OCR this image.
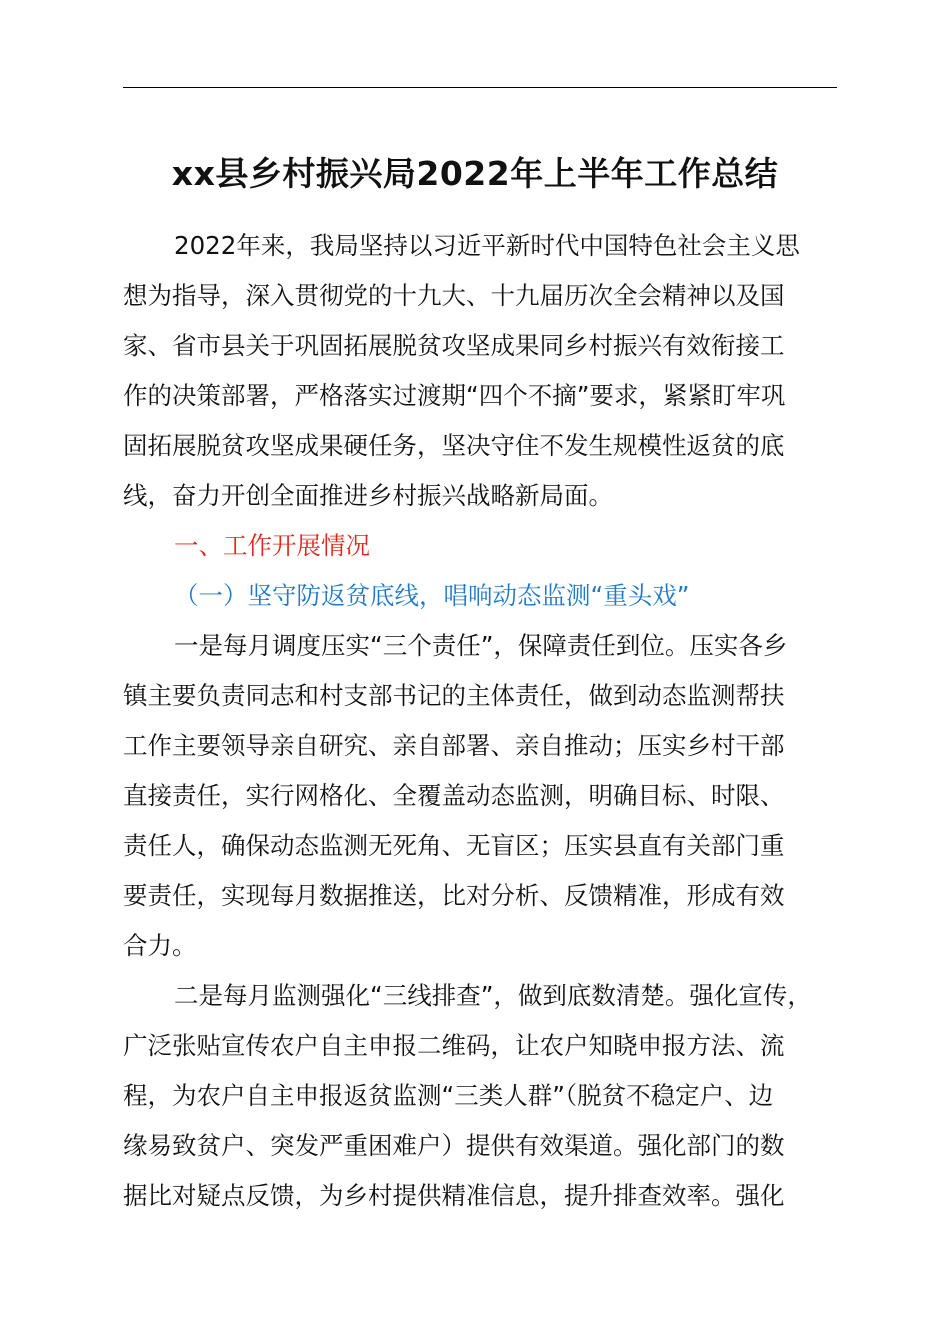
xx县乡村振兴局2022年上半年工作总结
2022年来，我局坚持以习近平新时代中国特色社会主义思
想为指导，深入贯彻党的十九大、十九届历次全会精神以及国
家、省市县关于巩固拓展脱贫攻坚成果同乡村振兴有效衔接工
作的决策部署，严格落实过渡期“四个不摘”要求，紧紧盯牢巩
固拓展脱贫攻坚成果硬任务，坚决守住不发生规模性返贫的底
线，奋力开创全面推进乡村振兴战略新局面。
一、工作开展情况
（一）坚守防返贫底线，唱响动态监测“重头戏”
一是每月调度压实“三个责任”，保障责任到位。压实各乡
镇主要负责同志和村支部书记的主体责任，做到动态监测帮扶
工作主要领导亲自研究、亲自部署、亲自推动；压实乡村干部
直接责任，实行网格化、全覆盖动态监测，明确目标、时限、
责任人，确保动态监测无死角、无盲区；压实县直有关部门重
要责任，实现每月数据推送，比对分析、反馈精准，形成有效
合力。
二是每月监测强化“三线排查”，做到底数清楚。强化宣传，
广泛张贴宣传农户自主申报二维码，让农户知晓申报方法、流
程，为农户自主申报返贫监测“三类人群”（脱贫不稳定户、边
缘易致贫户、突发严重困难户）提供有效渠道。强化部门的数
据比对疑点反馈，为乡村提供精准信息，提升排查效率。强化
